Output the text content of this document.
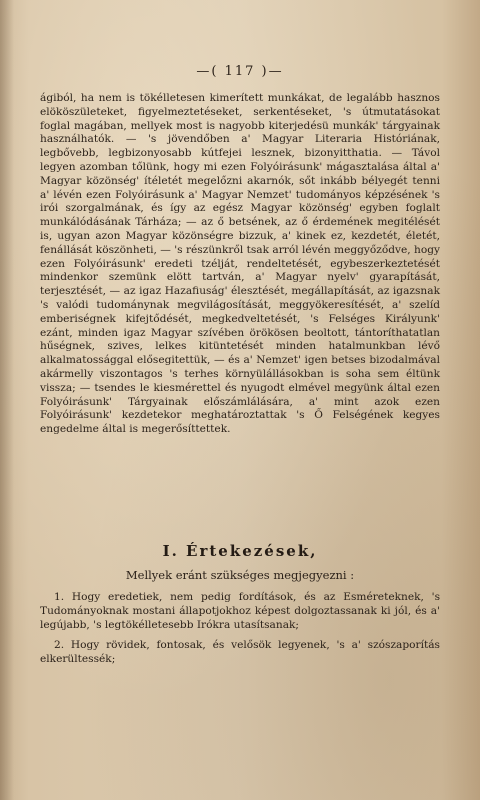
—( 117 )—

ágiból, ha nem is tökélletesen kimerített munkákat, de legalább hasznos elököszületeket, figyelmeztetéseket, serkentéseket, 's útmutatásokat foglal magában, mellyek most is nagyobb kiterjedésü munkák' tárgyainak használhatók. — 's jövendőben a' Magyar Literaria Históriának, legbővebb, legbizonyosabb kútfejei lesznek, bizonyitthatia. — Távol legyen azomban tőlünk, hogy mi ezen Folyóirásunk' mágasztalása által a' Magyar közönség' ítéletét megelőzni akarnók, sőt inkább bélyegét tenni a' lévén ezen Folyóirásunk a' Magyar Nemzet' tudományos képzésének 's irói szorgalmának, és így az egész Magyar közönség' egyben foglalt munkálódásának Tárháza; — az ő betsének, az ő érdemének megitélését is, ugyan azon Magyar közönségre bizzuk, a' kinek ez, kezdetét, életét, fenállását köszönheti, — 's részünkről tsak arról lévén meggyőződve, hogy ezen Folyóirásunk' eredeti tzélját, rendeltetését, egybeszerkeztetését mindenkor szemünk elött tartván, a' Magyar nyelv' gyarapítását, terjesztését, — az igaz Hazafiuság' élesztését, megállapítását, az igazsnak 's valódi tudománynak megvilágosítását, meggyökeresítését, a' szelíd emberiségnek kifejtődését, megkedveltetését, 's Felséges Királyunk' ezánt, minden igaz Magyar szívében örökösen beoltott, tántoríthatatlan hűségnek, szives, lelkes kitüntetését minden hatalmunkban lévő alkalmatossággal elősegitettük, — és a' Nemzet' igen betses bizodalmával akármelly viszontagos 's terhes környülállásokban is soha sem éltünk vissza; — tsendes le kiesmérettel és nyugodt elmével megyünk által ezen Folyóirásunk' Tárgyainak előszámlálására, a' mint azok ezen Folyóirásunk' kezdetekor meghatároztattak 's Ő Felségének kegyes engedelme által is megerősíttettek.

I. Értekezések,

Mellyek eránt szükséges megjegyezni :

1. Hogy eredetiek, nem pedig fordítások, és az Esméreteknek, 's Tudományoknak mostani állapotjokhoz képest dolgoztassanak ki jól, és a' legújabb, 's legtökélletesebb Irókra utasítsanak;
2. Hogy rövidek, fontosak, és velősök legyenek, 's a' szószaporítás elkerültessék;
